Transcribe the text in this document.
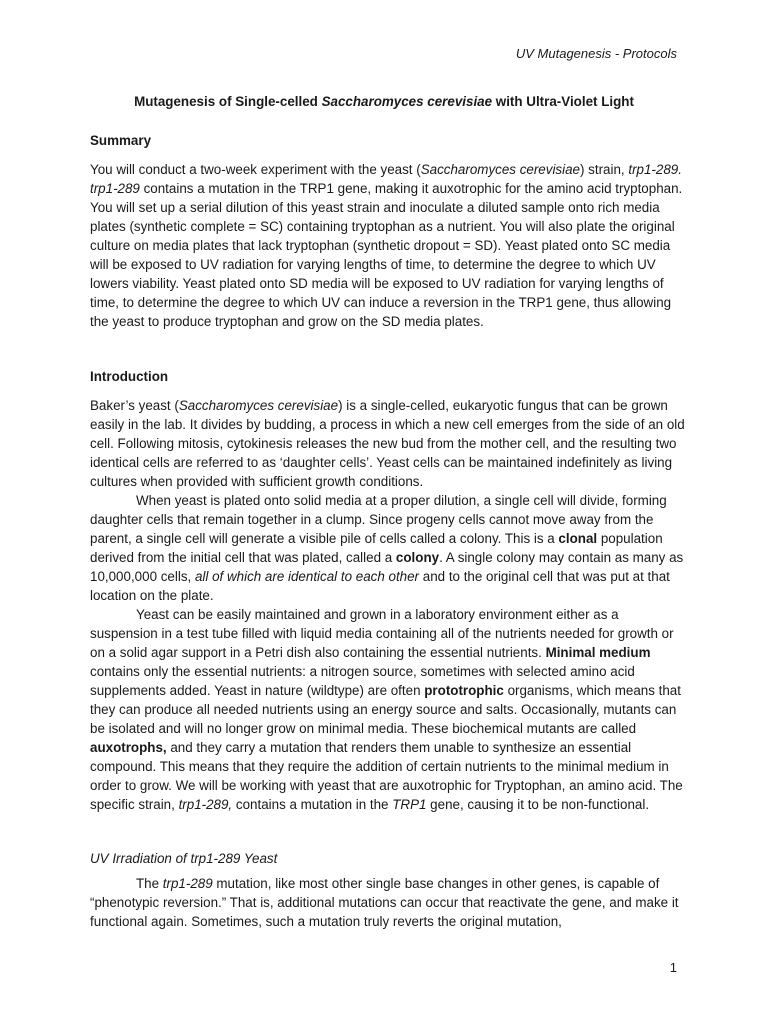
UV Mutagenesis - Protocols
Mutagenesis of Single-celled Saccharomyces cerevisiae with Ultra-Violet Light
Summary

You will conduct a two-week experiment with the yeast (Saccharomyces cerevisiae) strain, trp1-289. trp1-289 contains a mutation in the TRP1 gene, making it auxotrophic for the amino acid tryptophan. You will set up a serial dilution of this yeast strain and inoculate a diluted sample onto rich media plates (synthetic complete = SC) containing tryptophan as a nutrient. You will also plate the original culture on media plates that lack tryptophan (synthetic dropout = SD). Yeast plated onto SC media will be exposed to UV radiation for varying lengths of time, to determine the degree to which UV lowers viability. Yeast plated onto SD media will be exposed to UV radiation for varying lengths of time, to determine the degree to which UV can induce a reversion in the TRP1 gene, thus allowing the yeast to produce tryptophan and grow on the SD media plates.

Introduction

Baker’s yeast (Saccharomyces cerevisiae) is a single-celled, eukaryotic fungus that can be grown easily in the lab. It divides by budding, a process in which a new cell emerges from the side of an old cell. Following mitosis, cytokinesis releases the new bud from the mother cell, and the resulting two identical cells are referred to as ‘daughter cells’. Yeast cells can be maintained indefinitely as living cultures when provided with sufficient growth conditions.

When yeast is plated onto solid media at a proper dilution, a single cell will divide, forming daughter cells that remain together in a clump. Since progeny cells cannot move away from the parent, a single cell will generate a visible pile of cells called a colony. This is a clonal population derived from the initial cell that was plated, called a colony. A single colony may contain as many as 10,000,000 cells, all of which are identical to each other and to the original cell that was put at that location on the plate.

Yeast can be easily maintained and grown in a laboratory environment either as a suspension in a test tube filled with liquid media containing all of the nutrients needed for growth or on a solid agar support in a Petri dish also containing the essential nutrients. Minimal medium contains only the essential nutrients: a nitrogen source, sometimes with selected amino acid supplements added. Yeast in nature (wildtype) are often prototrophic organisms, which means that they can produce all needed nutrients using an energy source and salts. Occasionally, mutants can be isolated and will no longer grow on minimal media. These biochemical mutants are called auxotrophs, and they carry a mutation that renders them unable to synthesize an essential compound. This means that they require the addition of certain nutrients to the minimal medium in order to grow. We will be working with yeast that are auxotrophic for Tryptophan, an amino acid. The specific strain, trp1-289, contains a mutation in the TRP1 gene, causing it to be non-functional.

UV Irradiation of trp1-289 Yeast

The trp1-289 mutation, like most other single base changes in other genes, is capable of “phenotypic reversion.” That is, additional mutations can occur that reactivate the gene, and make it functional again. Sometimes, such a mutation truly reverts the original mutation,

1
